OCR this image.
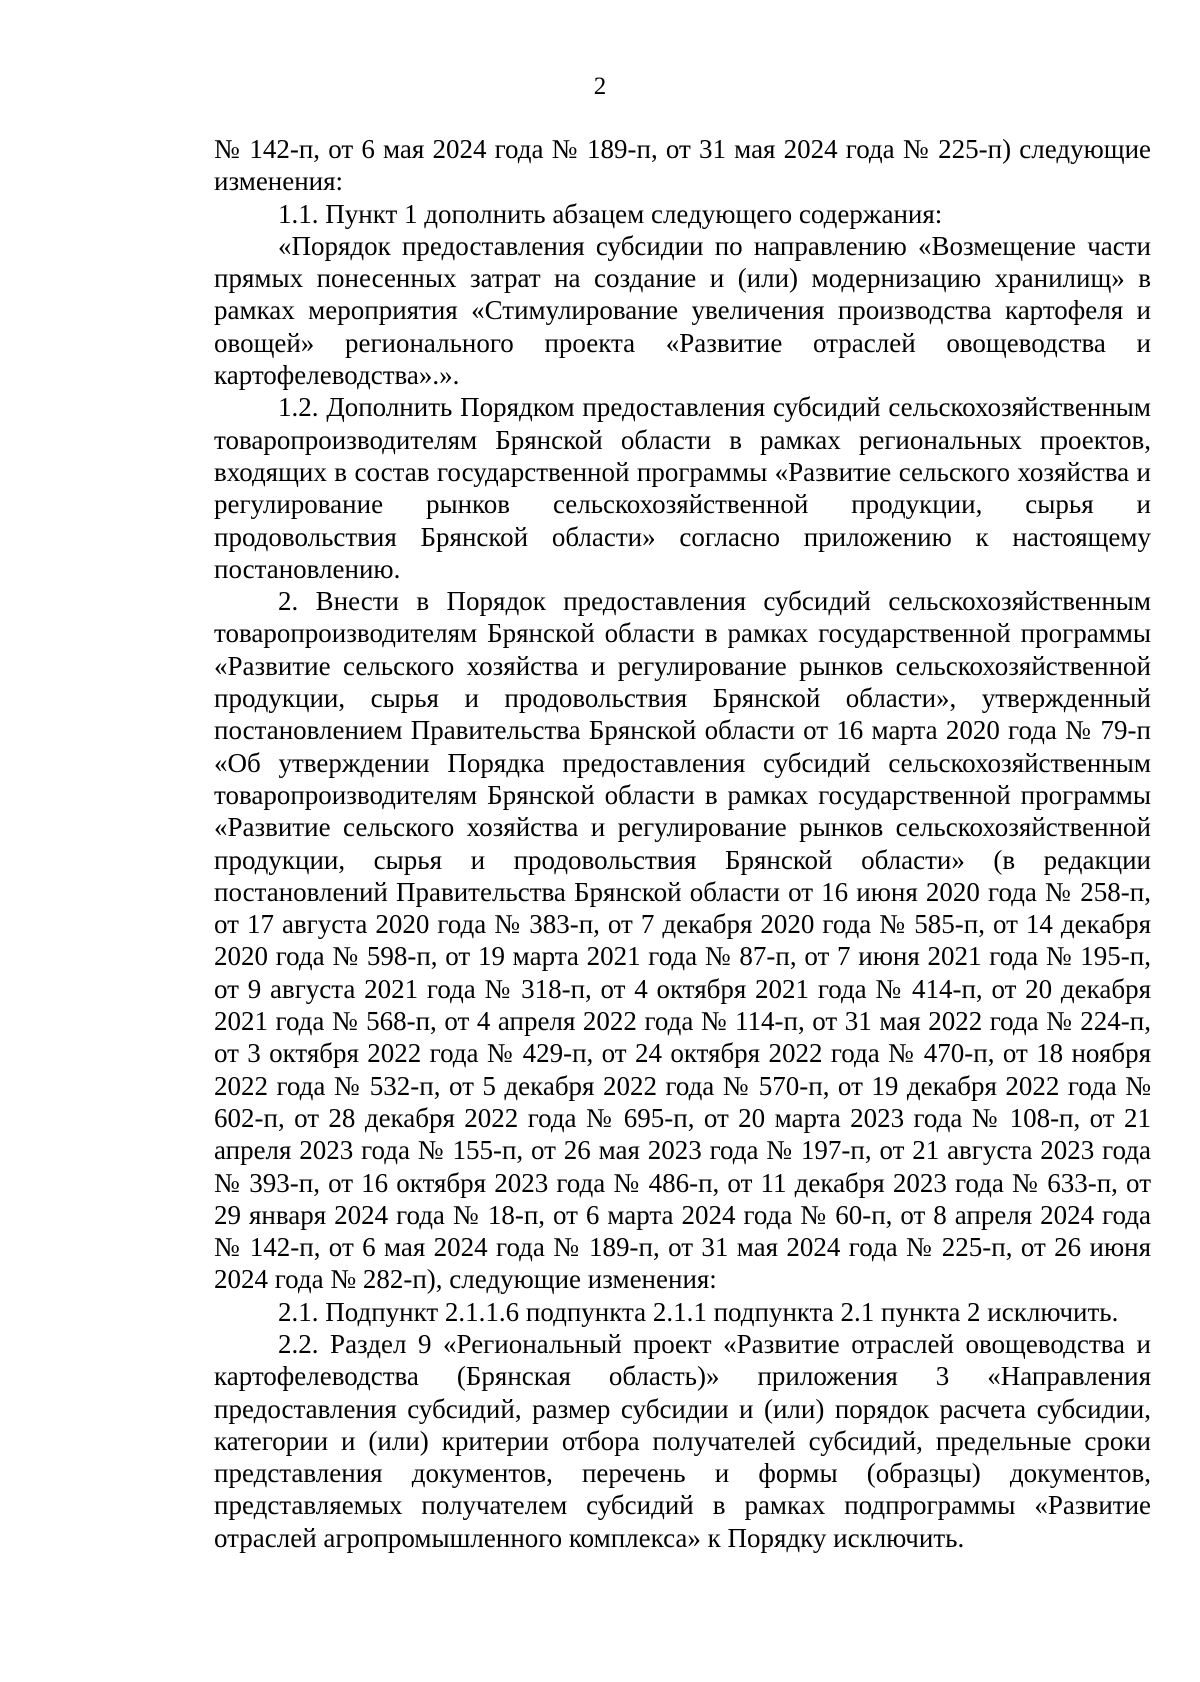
2

№ 142-п, от 6 мая 2024 года № 189-п, от 31 мая 2024 года № 225-п) следующие изменения:

1.1. Пункт 1 дополнить абзацем следующего содержания:

«Порядок предоставления субсидии по направлению «Возмещение части прямых понесенных затрат на создание и (или) модернизацию хранилищ» в рамках мероприятия «Стимулирование увеличения производства картофеля и овощей» регионального проекта «Развитие отраслей овощеводства и картофелеводства».».

1.2. Дополнить Порядком предоставления субсидий сельскохозяйственным товаропроизводителям Брянской области в рамках региональных проектов, входящих в состав государственной программы «Развитие сельского хозяйства и регулирование рынков сельскохозяйственной продукции, сырья и продовольствия Брянской области» согласно приложению к настоящему постановлению.

2. Внести в Порядок предоставления субсидий сельскохозяйственным товаропроизводителям Брянской области в рамках государственной программы «Развитие сельского хозяйства и регулирование рынков сельскохозяйственной продукции, сырья и продовольствия Брянской области», утвержденный постановлением Правительства Брянской области от 16 марта 2020 года № 79-п «Об утверждении Порядка предоставления субсидий сельскохозяйственным товаропроизводителям Брянской области в рамках государственной программы «Развитие сельского хозяйства и регулирование рынков сельскохозяйственной продукции, сырья и продовольствия Брянской области» (в редакции постановлений Правительства Брянской области от 16 июня 2020 года № 258-п, от 17 августа 2020 года № 383-п, от 7 декабря 2020 года № 585-п, от 14 декабря 2020 года № 598-п, от 19 марта 2021 года № 87-п, от 7 июня 2021 года № 195-п, от 9 августа 2021 года № 318-п, от 4 октября 2021 года № 414-п, от 20 декабря 2021 года № 568-п, от 4 апреля 2022 года № 114-п, от 31 мая 2022 года № 224-п, от 3 октября 2022 года № 429-п, от 24 октября 2022 года № 470-п, от 18 ноября 2022 года № 532-п, от 5 декабря 2022 года № 570-п, от 19 декабря 2022 года № 602-п, от 28 декабря 2022 года № 695-п, от 20 марта 2023 года № 108-п, от 21 апреля 2023 года № 155-п, от 26 мая 2023 года № 197-п, от 21 августа 2023 года № 393-п, от 16 октября 2023 года № 486-п, от 11 декабря 2023 года № 633-п, от 29 января 2024 года № 18-п, от 6 марта 2024 года № 60-п, от 8 апреля 2024 года № 142-п, от 6 мая 2024 года № 189-п, от 31 мая 2024 года № 225-п, от 26 июня 2024 года № 282-п), следующие изменения:

2.1. Подпункт 2.1.1.6 подпункта 2.1.1 подпункта 2.1 пункта 2 исключить.

2.2. Раздел 9 «Региональный проект «Развитие отраслей овощеводства и картофелеводства (Брянская область)» приложения 3 «Направления предоставления субсидий, размер субсидии и (или) порядок расчета субсидии, категории и (или) критерии отбора получателей субсидий, предельные сроки представления документов, перечень и формы (образцы) документов, представляемых получателем субсидий в рамках подпрограммы «Развитие отраслей агропромышленного комплекса» к Порядку исключить.
